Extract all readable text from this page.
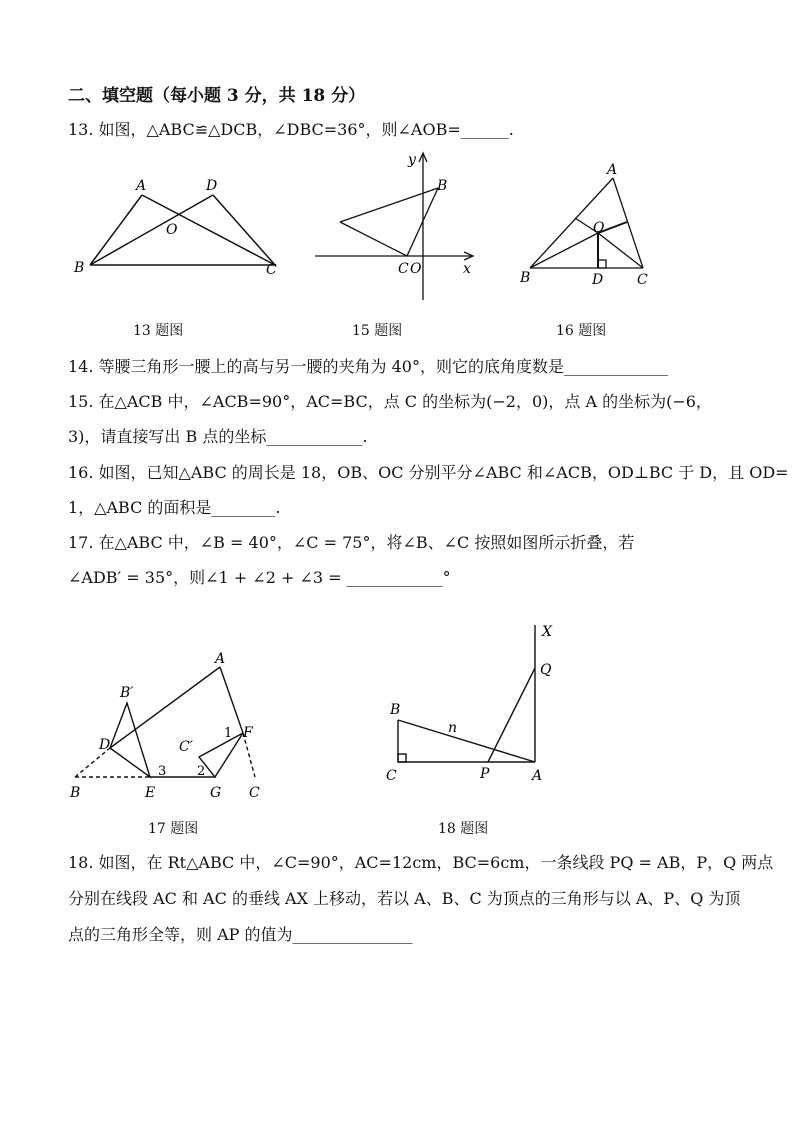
二、填空题（每小题 3 分，共 18 分）
13. 如图，△ABC≌△DCB，∠DBC=36°，则∠AOB=______.
A	D
O
B	C
13 题图
y
x
B
C O
15 题图
A
O
B	D C
16 题图
14. 等腰三角形一腰上的高与另一腰的夹角为 40°，则它的底角度数是_____________
15. 在△ACB 中，∠ACB=90°，AC=BC，点 C 的坐标为(−2，0)，点 A 的坐标为(−6，
3)，请直接写出 B 点的坐标____________.
16. 如图，已知△ABC 的周长是 18，OB、OC 分别平分∠ABC 和∠ACB，OD⊥BC 于 D，且 OD=
1，△ABC 的面积是________.
17. 在△ABC 中，∠B = 40°，∠C = 75°，将∠B、∠C 按照如图所示折叠，若
∠ADB′ = 35°，则∠1 + ∠2 + ∠3 = ____________°
A
B′
D	C′
F
1
2
3
B	E	G C
17 题图
X
Q
B
n
C	P	A
18 题图
18. 如图，在 Rt△ABC 中，∠C=90°，AC=12cm，BC=6cm，一条线段 PQ = AB，P，Q 两点
分别在线段 AC 和 AC 的垂线 AX 上移动，若以 A、B、C 为顶点的三角形与以 A、P、Q 为顶
点的三角形全等，则 AP 的值为_______________
